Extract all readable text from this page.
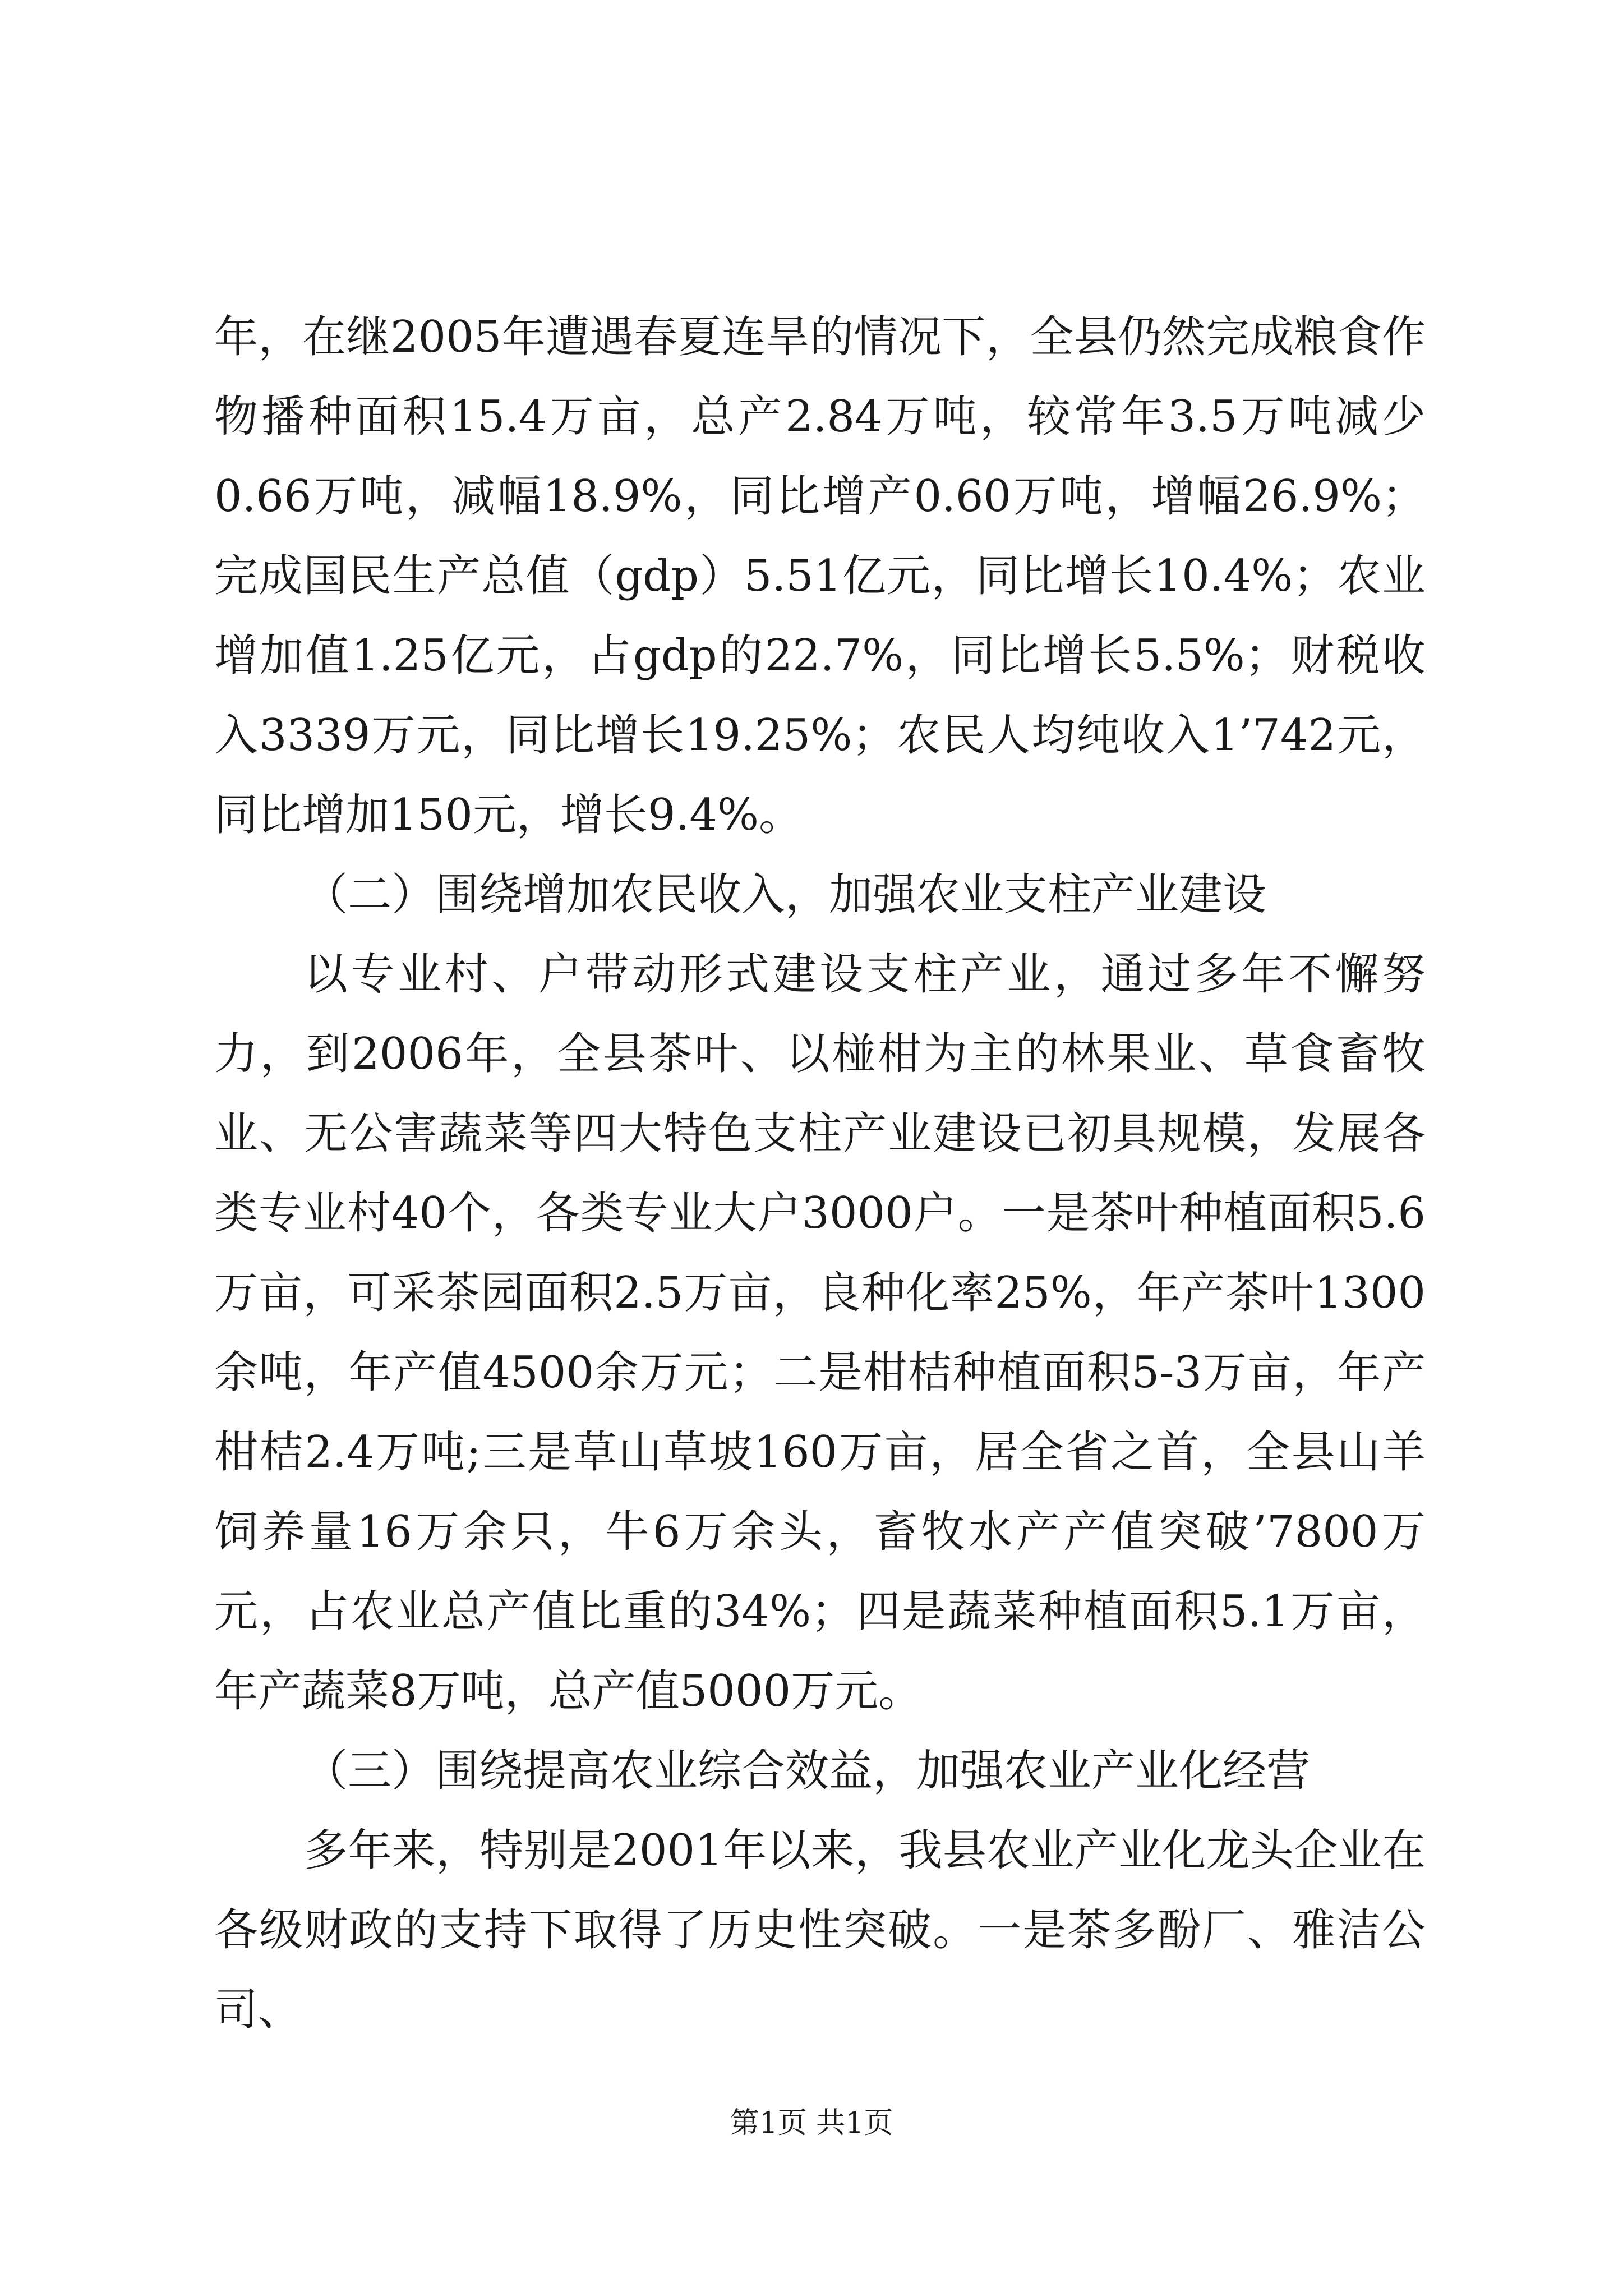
年，在继2005年遭遇春夏连旱的情况下，全县仍然完成粮食作物播种面积15.4万亩，总产2.84万吨，较常年3.5万吨减少0.66万吨，减幅18.9%，同比增产0.60万吨，增幅26.9%；完成国民生产总值（gdp）5.51亿元，同比增长10.4%；农业增加值1.25亿元，占gdp的22.7%，同比增长5.5%；财税收入3339万元，同比增长19.25%；农民人均纯收入1’742元，同比增加150元，增长9.4%。

（二）围绕增加农民收入，加强农业支柱产业建设

以专业村、户带动形式建设支柱产业，通过多年不懈努力，到2006年，全县茶叶、以椪柑为主的林果业、草食畜牧业、无公害蔬菜等四大特色支柱产业建设已初具规模，发展各类专业村40个，各类专业大户3000户。一是茶叶种植面积5.6万亩，可采茶园面积2.5万亩，良种化率25%，年产茶叶1300余吨，年产值4500余万元；二是柑桔种植面积5-3万亩，年产柑桔2.4万吨;三是草山草坡160万亩，居全省之首，全县山羊饲养量16万余只，牛6万余头，畜牧水产产值突破’7800万元，占农业总产值比重的34%；四是蔬菜种植面积5.1万亩，年产蔬菜8万吨，总产值5000万元。

（三）围绕提高农业综合效益，加强农业产业化经营

多年来，特别是2001年以来，我县农业产业化龙头企业在各级财政的支持下取得了历史性突破。一是茶多酚厂、雅洁公司、

第1页 共1页
